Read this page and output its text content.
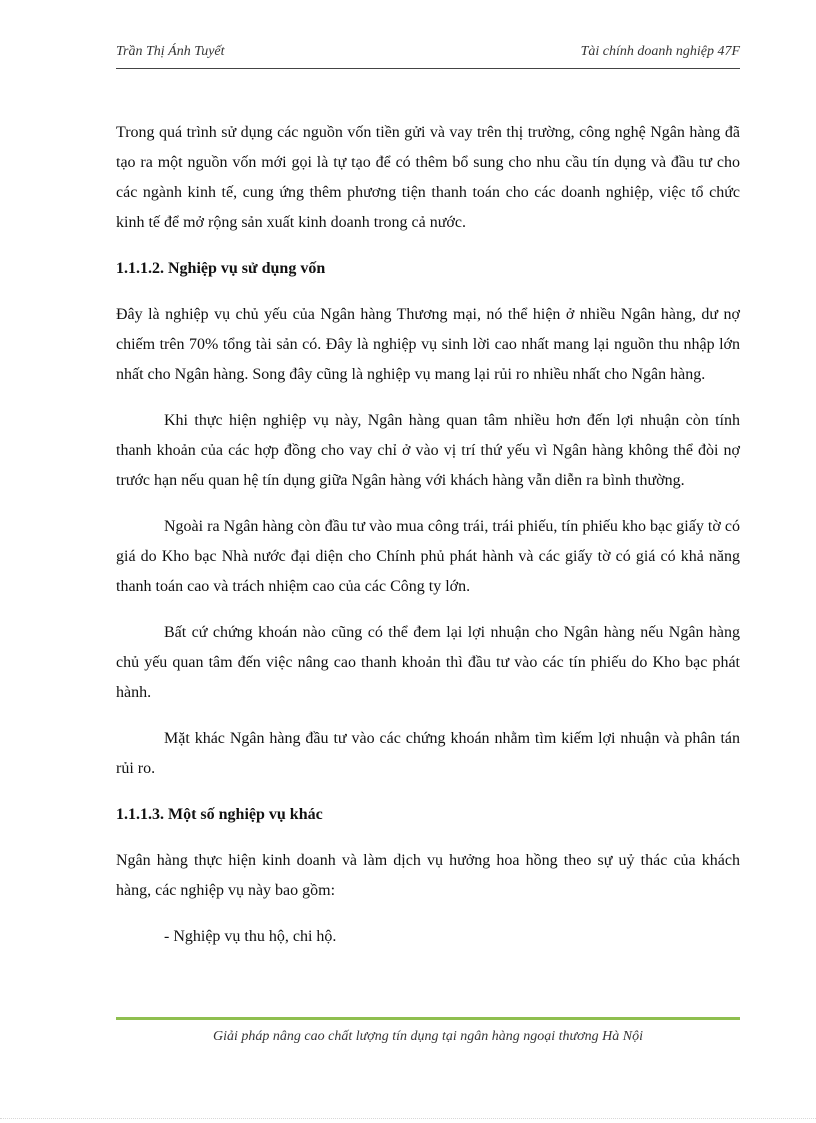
Trần Thị Ánh Tuyết	Tài chính doanh nghiệp 47F

Trong quá trình sử dụng các nguồn vốn tiền gửi và vay trên thị trường, công nghệ Ngân hàng đã tạo ra một nguồn vốn mới gọi là tự tạo để có thêm bổ sung cho nhu cầu tín dụng và đầu tư cho các ngành kinh tế, cung ứng thêm phương tiện thanh toán cho các doanh nghiệp, việc tổ chức kinh tế để mở rộng sản xuất kinh doanh trong cả nước.

1.1.1.2. Nghiệp vụ sử dụng vốn

Đây là nghiệp vụ chủ yếu của Ngân hàng Thương mại, nó thể hiện ở nhiều Ngân hàng, dư nợ chiếm trên 70% tổng tài sản có. Đây là nghiệp vụ sinh lời cao nhất mang lại nguồn thu nhập lớn nhất cho Ngân hàng. Song đây cũng là nghiệp vụ mang lại rủi ro nhiều nhất cho Ngân hàng.

Khi thực hiện nghiệp vụ này, Ngân hàng quan tâm nhiều hơn đến lợi nhuận còn tính thanh khoản của các hợp đồng cho vay chỉ ở vào vị trí thứ yếu vì Ngân hàng không thể đòi nợ trước hạn nếu quan hệ tín dụng giữa Ngân hàng với khách hàng vẫn diễn ra bình thường.

Ngoài ra Ngân hàng còn đầu tư vào mua công trái, trái phiếu, tín phiếu kho bạc giấy tờ có giá do Kho bạc Nhà nước đại diện cho Chính phủ phát hành và các giấy tờ có giá có khả năng thanh toán cao và trách nhiệm cao của các Công ty lớn.

Bất cứ chứng khoán nào cũng có thể đem lại lợi nhuận cho Ngân hàng nếu Ngân hàng chủ yếu quan tâm đến việc nâng cao thanh khoản thì đầu tư vào các tín phiếu do Kho bạc phát hành.

Mặt khác Ngân hàng đầu tư vào các chứng khoán nhằm tìm kiếm lợi nhuận và phân tán rủi ro.

1.1.1.3. Một số nghiệp vụ khác

Ngân hàng thực hiện kinh doanh và làm dịch vụ hưởng hoa hồng theo sự uỷ thác của khách hàng, các nghiệp vụ này bao gồm:

- Nghiệp vụ thu hộ, chi hộ.

Giải pháp nâng cao chất lượng tín dụng tại ngân hàng ngoại thương Hà Nội
